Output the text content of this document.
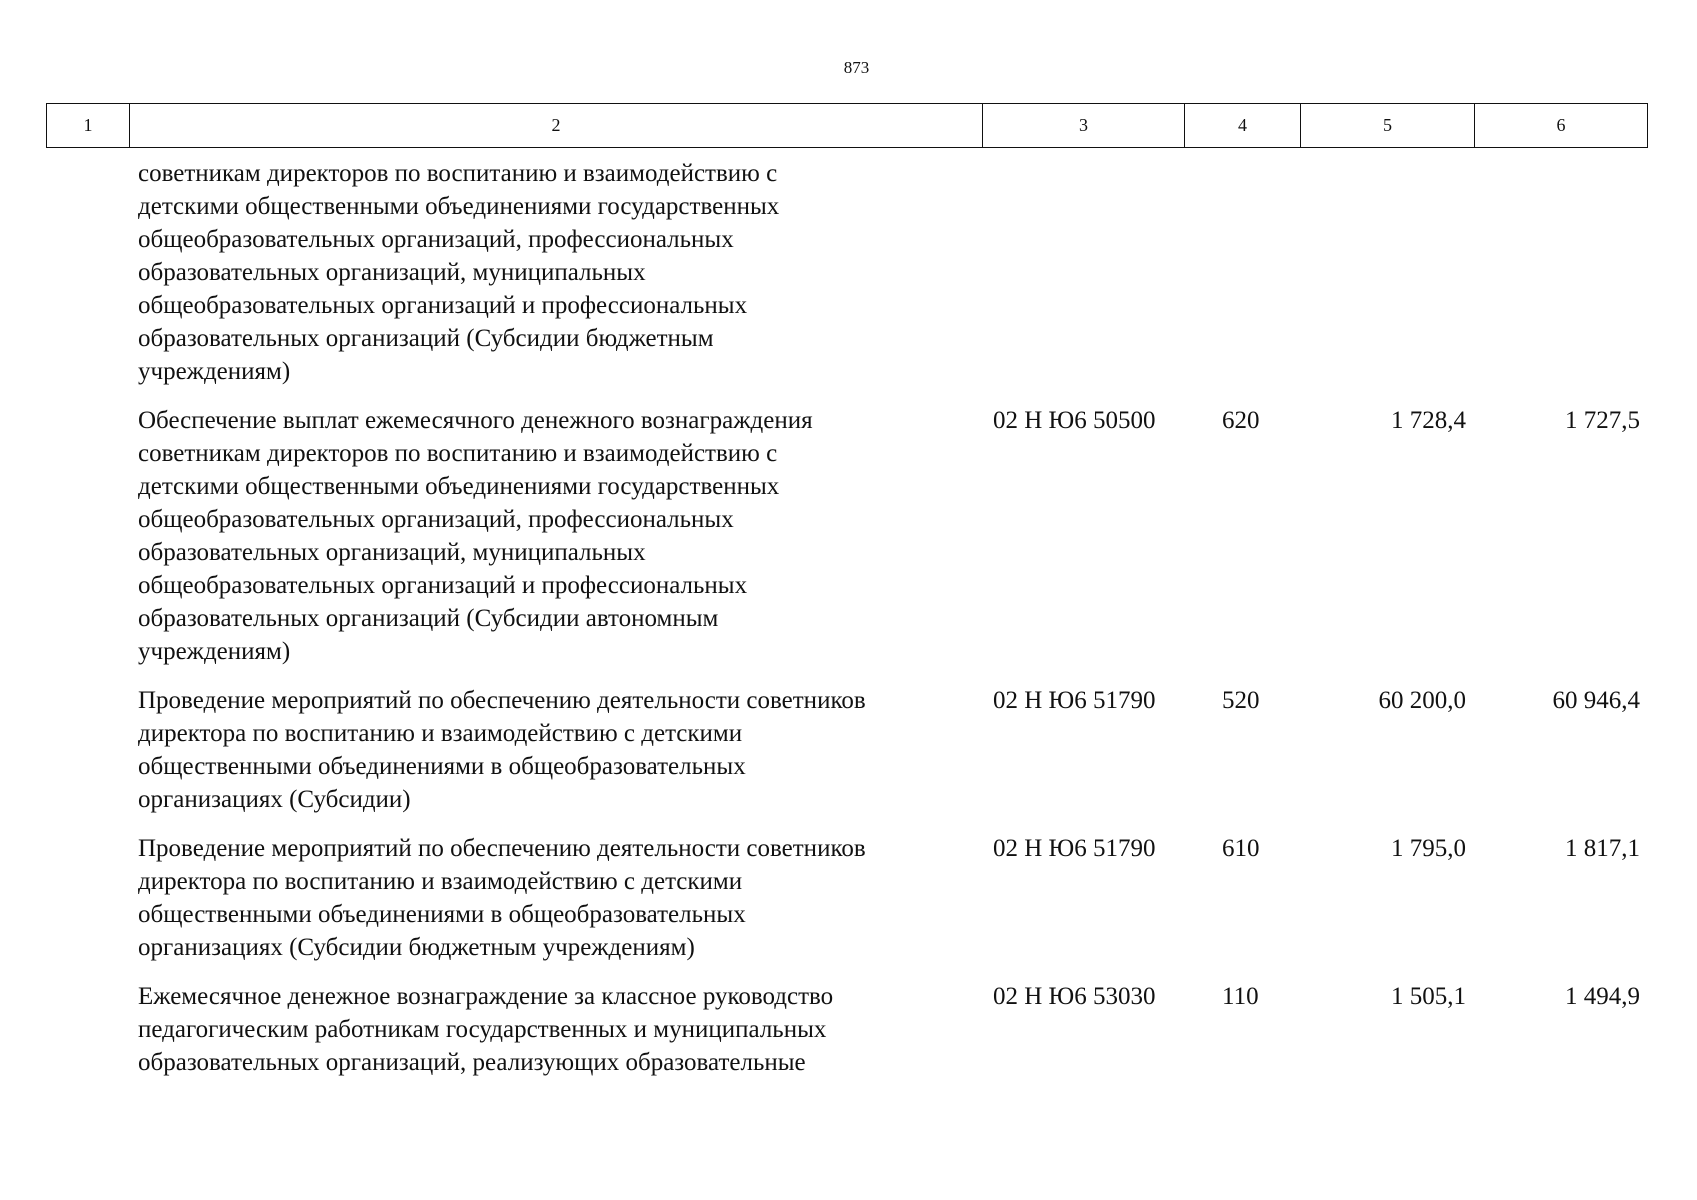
873
1	2	3	4	5	6
советникам директоров по воспитанию и взаимодействию с
детскими общественными объединениями государственных
общеобразовательных организаций, профессиональных
образовательных организаций, муниципальных
общеобразовательных организаций и профессиональных
образовательных организаций (Субсидии бюджетным
учреждениям)
Обеспечение выплат ежемесячного денежного вознаграждения
советникам директоров по воспитанию и взаимодействию с
детскими общественными объединениями государственных
общеобразовательных организаций, профессиональных
образовательных организаций, муниципальных
общеобразовательных организаций и профессиональных
образовательных организаций (Субсидии автономным
учреждениям)
02 Н Ю6 50500	620	1 728,4	1 727,5
Проведение мероприятий по обеспечению деятельности советников
директора по воспитанию и взаимодействию с детскими
общественными объединениями в общеобразовательных
организациях (Субсидии)
02 Н Ю6 51790	520	60 200,0	60 946,4
Проведение мероприятий по обеспечению деятельности советников
директора по воспитанию и взаимодействию с детскими
общественными объединениями в общеобразовательных
организациях (Субсидии бюджетным учреждениям)
02 Н Ю6 51790	610	1 795,0	1 817,1
Ежемесячное денежное вознаграждение за классное руководство
педагогическим работникам государственных и муниципальных
образовательных организаций, реализующих образовательные
02 Н Ю6 53030	110	1 505,1	1 494,9
